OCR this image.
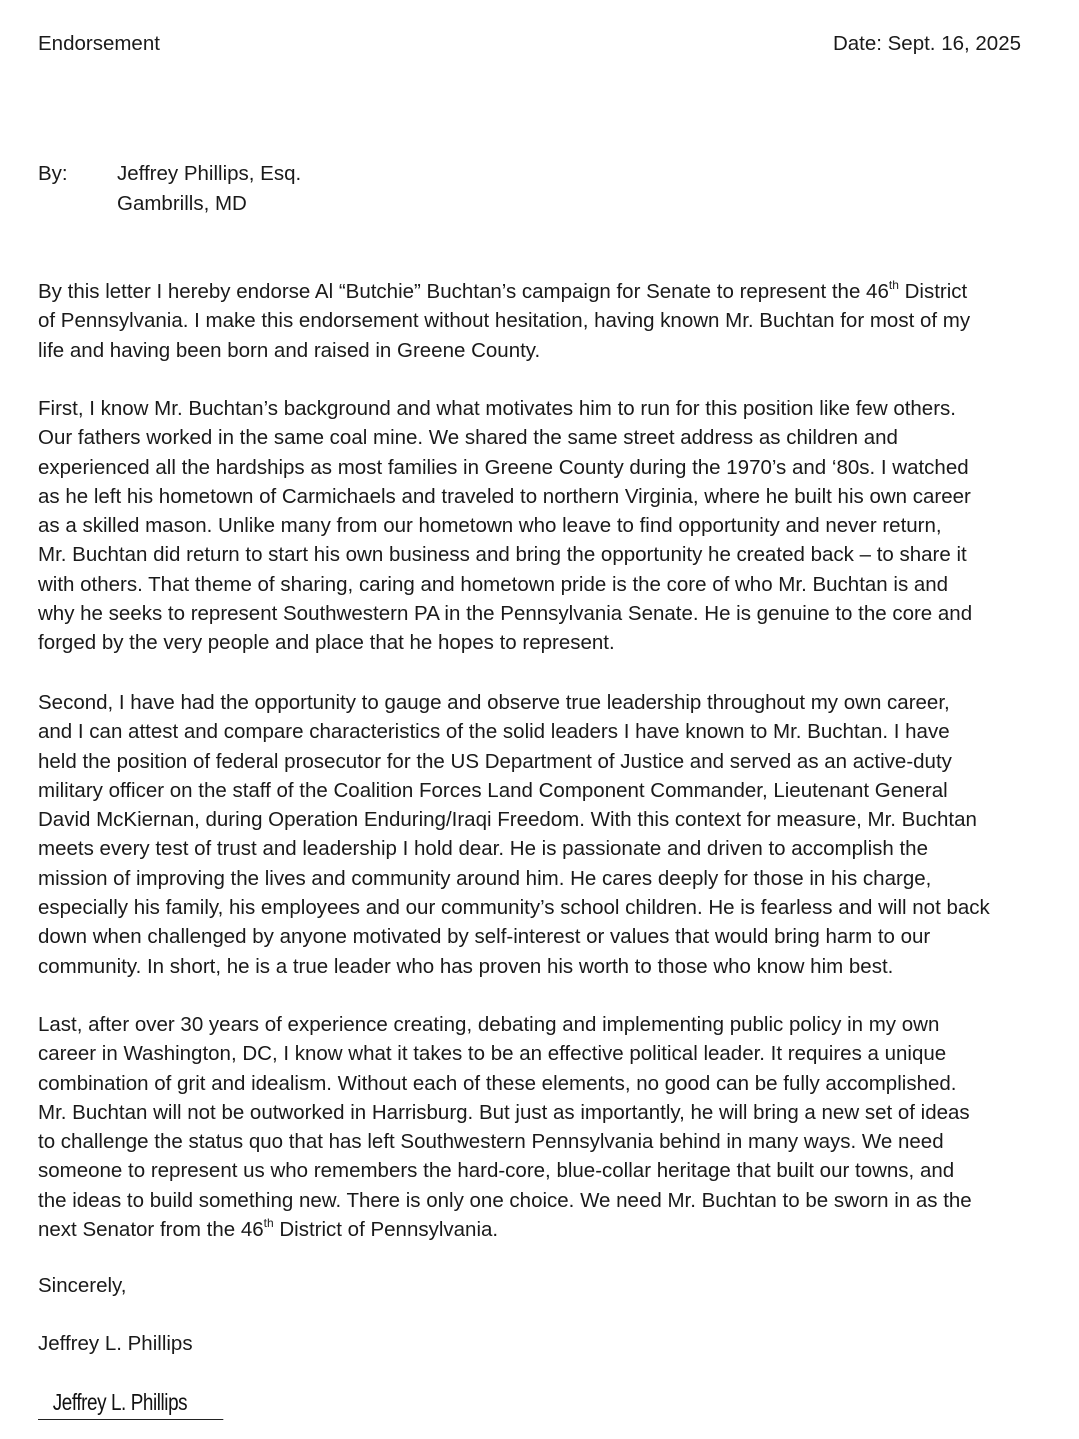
Endorsement	Date: Sept. 16, 2025
By: Jeffrey Phillips, Esq.
Gambrills, MD
By this letter I hereby endorse Al “Butchie” Buchtan’s campaign for Senate to represent the 46th District
of Pennsylvania. I make this endorsement without hesitation, having known Mr. Buchtan for most of my
life and having been born and raised in Greene County.
First, I know Mr. Buchtan’s background and what motivates him to run for this position like few others.
Our fathers worked in the same coal mine. We shared the same street address as children and
experienced all the hardships as most families in Greene County during the 1970’s and ‘80s. I watched
as he left his hometown of Carmichaels and traveled to northern Virginia, where he built his own career
as a skilled mason. Unlike many from our hometown who leave to find opportunity and never return,
Mr. Buchtan did return to start his own business and bring the opportunity he created back – to share it
with others. That theme of sharing, caring and hometown pride is the core of who Mr. Buchtan is and
why he seeks to represent Southwestern PA in the Pennsylvania Senate. He is genuine to the core and
forged by the very people and place that he hopes to represent.
Second, I have had the opportunity to gauge and observe true leadership throughout my own career,
and I can attest and compare characteristics of the solid leaders I have known to Mr. Buchtan. I have
held the position of federal prosecutor for the US Department of Justice and served as an active-duty
military officer on the staff of the Coalition Forces Land Component Commander, Lieutenant General
David McKiernan, during Operation Enduring/Iraqi Freedom. With this context for measure, Mr. Buchtan
meets every test of trust and leadership I hold dear. He is passionate and driven to accomplish the
mission of improving the lives and community around him. He cares deeply for those in his charge,
especially his family, his employees and our community’s school children. He is fearless and will not back
down when challenged by anyone motivated by self-interest or values that would bring harm to our
community. In short, he is a true leader who has proven his worth to those who know him best.
Last, after over 30 years of experience creating, debating and implementing public policy in my own
career in Washington, DC, I know what it takes to be an effective political leader. It requires a unique
combination of grit and idealism. Without each of these elements, no good can be fully accomplished.
Mr. Buchtan will not be outworked in Harrisburg. But just as importantly, he will bring a new set of ideas
to challenge the status quo that has left Southwestern Pennsylvania behind in many ways. We need
someone to represent us who remembers the hard-core, blue-collar heritage that built our towns, and
the ideas to build something new. There is only one choice. We need Mr. Buchtan to be sworn in as the
next Senator from the 46th District of Pennsylvania.
Sincerely,
Jeffrey L. Phillips
Jeffrey L. Phillips
